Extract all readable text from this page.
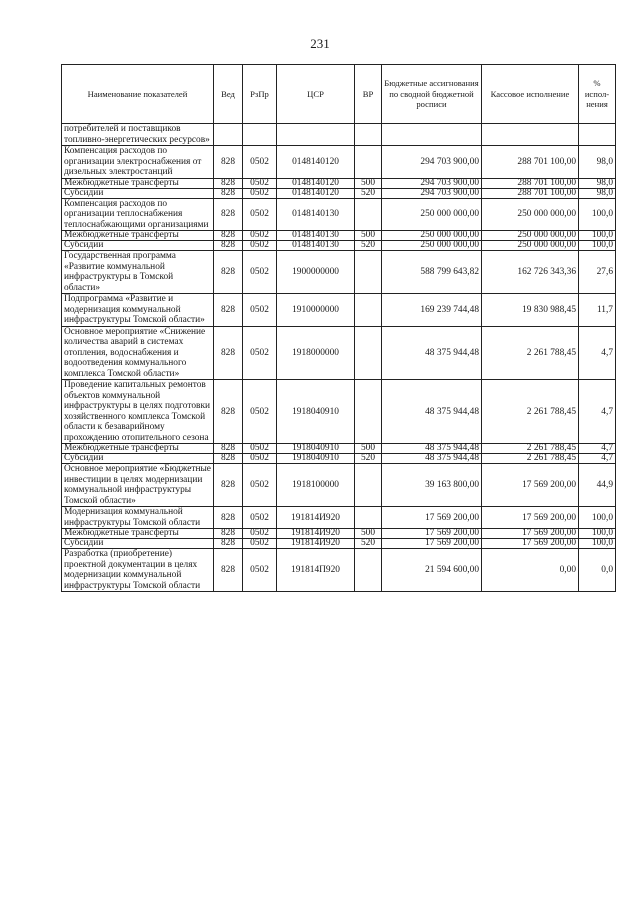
231
Наименование показателей	Вед	РзПр	ЦСР	ВР	Бюджетные ассигнования по сводной бюджетной росписи	Кассовое исполнение	% испол-нения
потребителей и поставщиков топливно-энергетических ресурсов»							
Компенсация расходов по организации электроснабжения от дизельных электростанций	828	0502	0148140120		294 703 900,00	288 701 100,00	98,0
Межбюджетные трансферты	828	0502	0148140120	500	294 703 900,00	288 701 100,00	98,0
Субсидии	828	0502	0148140120	520	294 703 900,00	288 701 100,00	98,0
Компенсация расходов по организации теплоснабжения теплоснабжающими организациями	828	0502	0148140130		250 000 000,00	250 000 000,00	100,0
Межбюджетные трансферты	828	0502	0148140130	500	250 000 000,00	250 000 000,00	100,0
Субсидии	828	0502	0148140130	520	250 000 000,00	250 000 000,00	100,0
Государственная программа «Развитие коммунальной инфраструктуры в Томской области»	828	0502	1900000000		588 799 643,82	162 726 343,36	27,6
Подпрограмма «Развитие и модернизация коммунальной инфраструктуры Томской области»	828	0502	1910000000		169 239 744,48	19 830 988,45	11,7
Основное мероприятие «Снижение количества аварий в системах отопления, водоснабжения и водоотведения коммунального комплекса Томской области»	828	0502	1918000000		48 375 944,48	2 261 788,45	4,7
Проведение капитальных ремонтов объектов коммунальной инфраструктуры в целях подготовки хозяйственного комплекса Томской области к безаварийному прохождению отопительного сезона	828	0502	1918040910		48 375 944,48	2 261 788,45	4,7
Межбюджетные трансферты	828	0502	1918040910	500	48 375 944,48	2 261 788,45	4,7
Субсидии	828	0502	1918040910	520	48 375 944,48	2 261 788,45	4,7
Основное мероприятие «Бюджетные инвестиции в целях модернизации коммунальной инфраструктуры Томской области»	828	0502	1918100000		39 163 800,00	17 569 200,00	44,9
Модернизация коммунальной инфраструктуры Томской области	828	0502	191814И920		17 569 200,00	17 569 200,00	100,0
Межбюджетные трансферты	828	0502	191814И920	500	17 569 200,00	17 569 200,00	100,0
Субсидии	828	0502	191814И920	520	17 569 200,00	17 569 200,00	100,0
Разработка (приобретение) проектной документации в целях модернизации коммунальной инфраструктуры Томской области	828	0502	191814П920		21 594 600,00	0,00	0,0
